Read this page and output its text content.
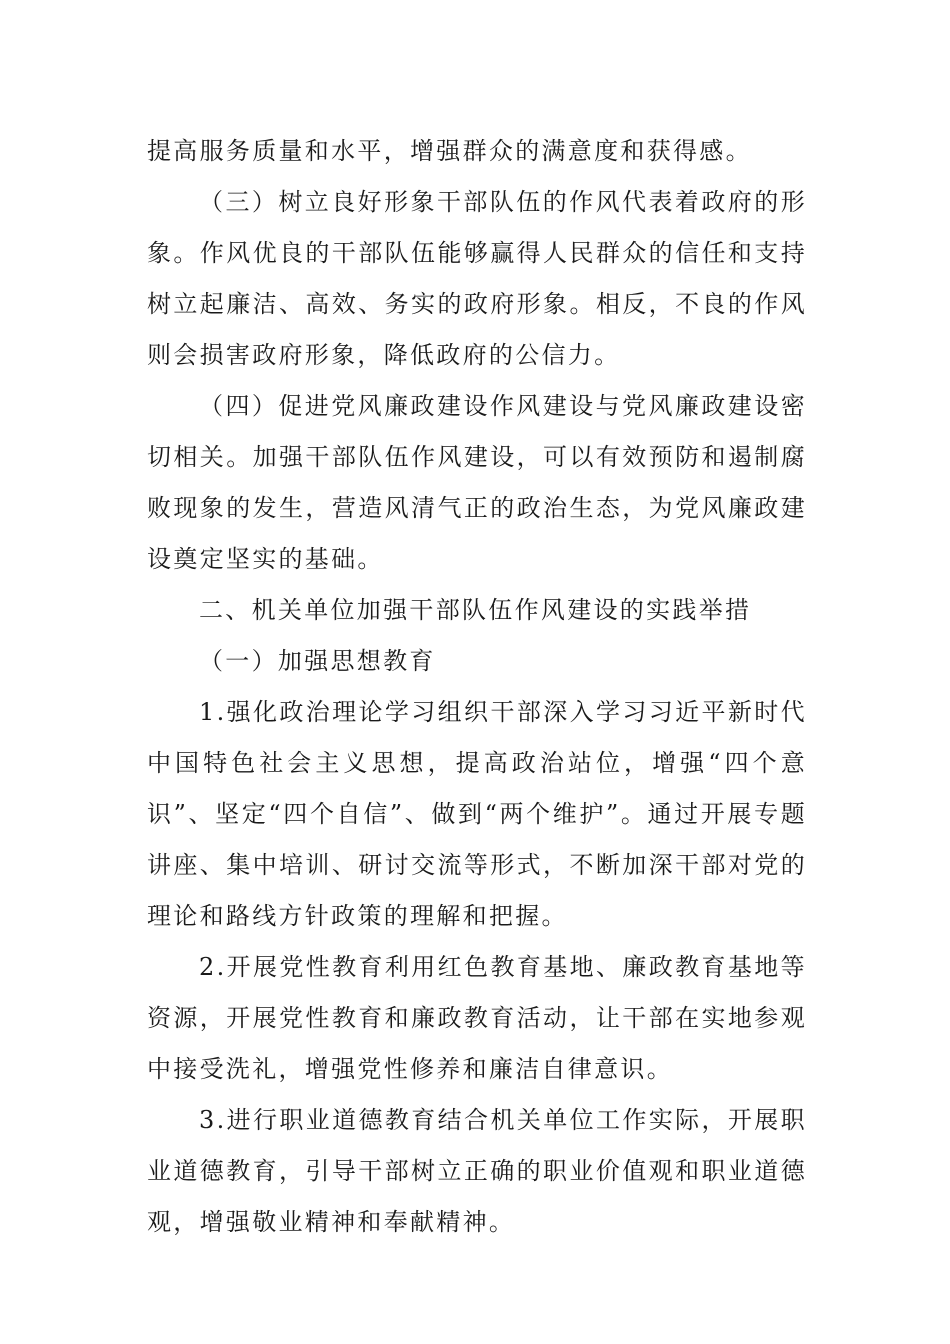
提高服务质量和水平，增强群众的满意度和获得感。

（三）树立良好形象干部队伍的作风代表着政府的形象。作风优良的干部队伍能够赢得人民群众的信任和支持树立起廉洁、高效、务实的政府形象。相反，不良的作风则会损害政府形象，降低政府的公信力。

（四）促进党风廉政建设作风建设与党风廉政建设密切相关。加强干部队伍作风建设，可以有效预防和遏制腐败现象的发生，营造风清气正的政治生态，为党风廉政建设奠定坚实的基础。

二、机关单位加强干部队伍作风建设的实践举措

（一）加强思想教育

1.强化政治理论学习组织干部深入学习习近平新时代中国特色社会主义思想，提高政治站位，增强“四个意识”、坚定“四个自信”、做到“两个维护”。通过开展专题讲座、集中培训、研讨交流等形式，不断加深干部对党的理论和路线方针政策的理解和把握。

2.开展党性教育利用红色教育基地、廉政教育基地等资源，开展党性教育和廉政教育活动，让干部在实地参观中接受洗礼，增强党性修养和廉洁自律意识。

3.进行职业道德教育结合机关单位工作实际，开展职业道德教育，引导干部树立正确的职业价值观和职业道德观，增强敬业精神和奉献精神。
